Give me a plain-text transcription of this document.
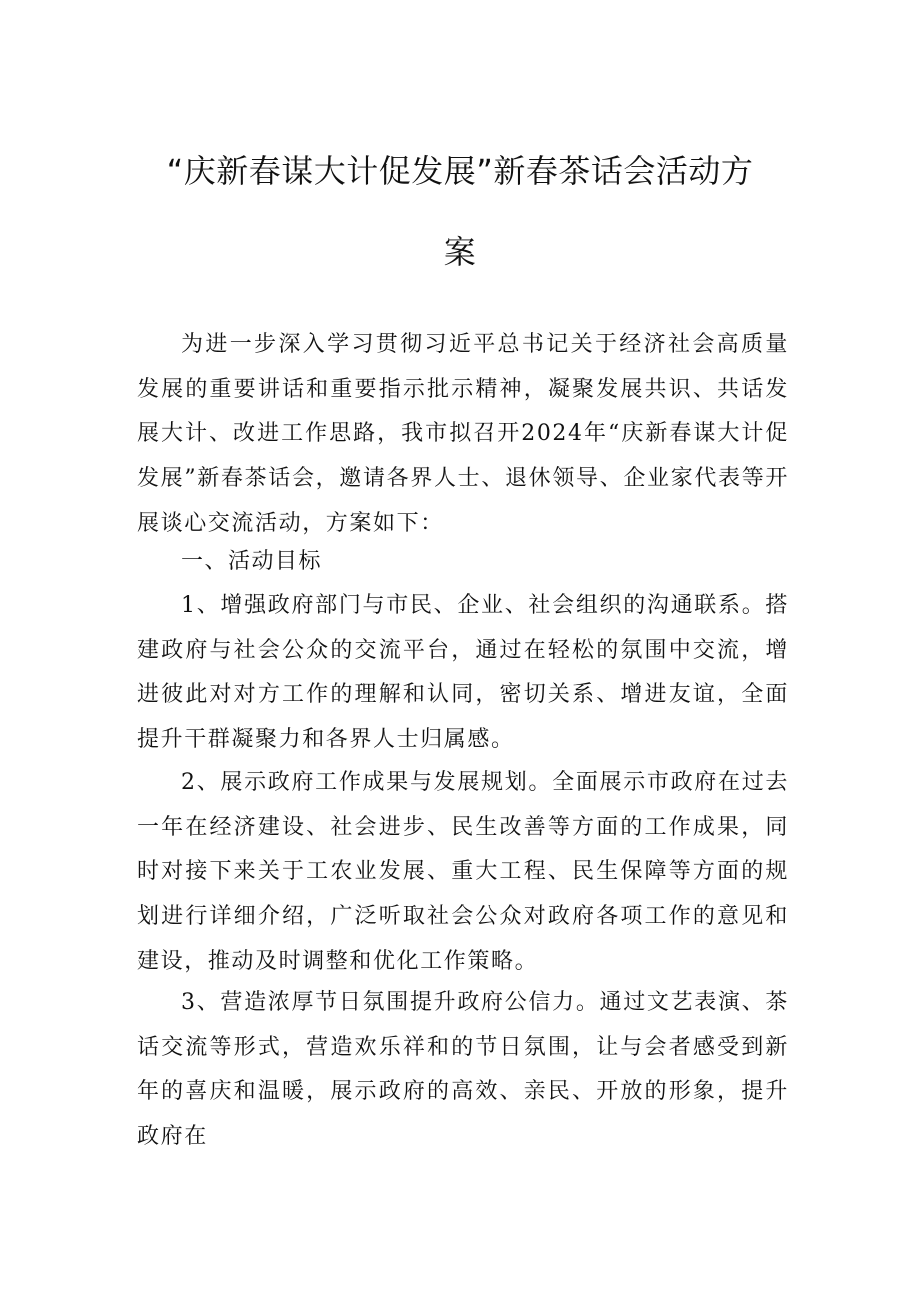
“庆新春谋大计促发展”新春茶话会活动方
案

为进一步深入学习贯彻习近平总书记关于经济社会高质量发展的重要讲话和重要指示批示精神，凝聚发展共识、共话发展大计、改进工作思路，我市拟召开2024年“庆新春谋大计促发展”新春茶话会，邀请各界人士、退休领导、企业家代表等开展谈心交流活动，方案如下：

一、活动目标

1、增强政府部门与市民、企业、社会组织的沟通联系。搭建政府与社会公众的交流平台，通过在轻松的氛围中交流，增进彼此对对方工作的理解和认同，密切关系、增进友谊，全面提升干群凝聚力和各界人士归属感。

2、展示政府工作成果与发展规划。全面展示市政府在过去一年在经济建设、社会进步、民生改善等方面的工作成果，同时对接下来关于工农业发展、重大工程、民生保障等方面的规划进行详细介绍，广泛听取社会公众对政府各项工作的意见和建设，推动及时调整和优化工作策略。

3、营造浓厚节日氛围提升政府公信力。通过文艺表演、茶话交流等形式，营造欢乐祥和的节日氛围，让与会者感受到新年的喜庆和温暖，展示政府的高效、亲民、开放的形象，提升政府在
